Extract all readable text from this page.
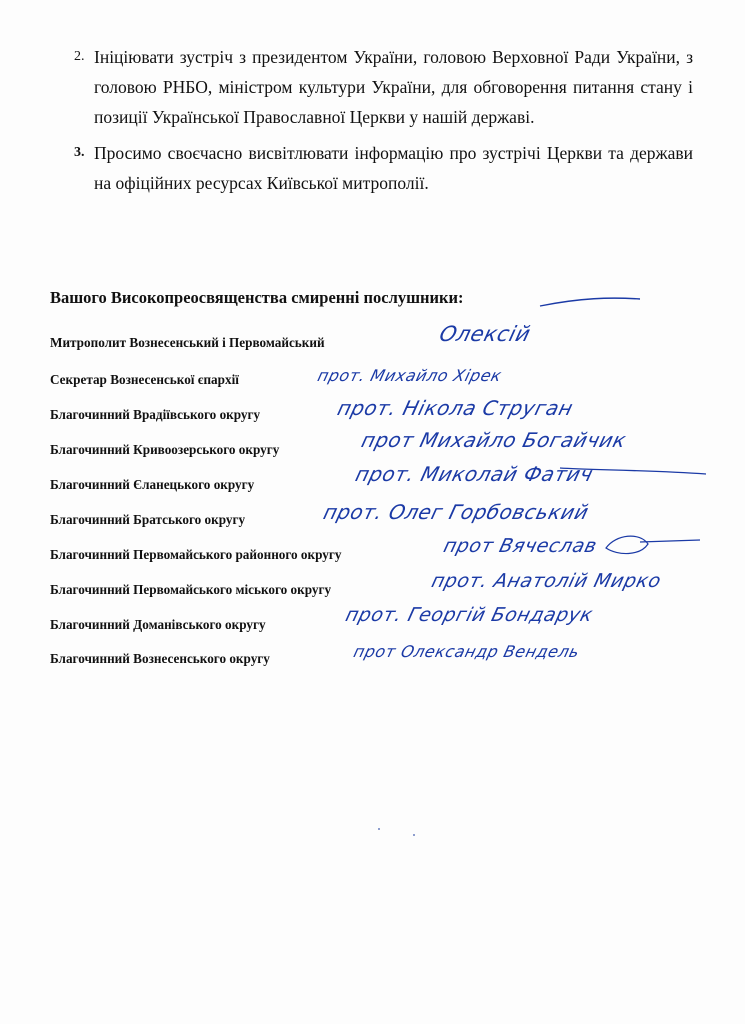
2. Ініціювати зустріч з президентом України, головою Верховної Ради України, з головою РНБО, міністром культури України, для обговорення питання стану і позиції Української Православної Церкви у нашій державі.
3. Просимо своєчасно висвітлювати інформацію про зустрічі Церкви та держави на офіційних ресурсах Київської митрополії.

Вашого Високопреосвященства смиренні послушники:

Митрополит Вознесенський і Первомайський	Олексій
Секретар Вознесенської єпархії	прот. Михайло Хірек
Благочинний Врадіївського округу	прот. Нікола Струган
Благочинний Кривоозерського округу	прот Михайло Богайчик
Благочинний Єланецького округу	прот. Миколай Фатич
Благочинний Братського округу	прот. Олег Горбовський
Благочинний Первомайського районного округу	прот Вячеслав
Благочинний Первомайського міського округу	прот. Анатолій Мирко
Благочинний Доманівського округу	прот. Георгій Бондарук
Благочинний Вознесенського округу	прот Олександр Вендель
